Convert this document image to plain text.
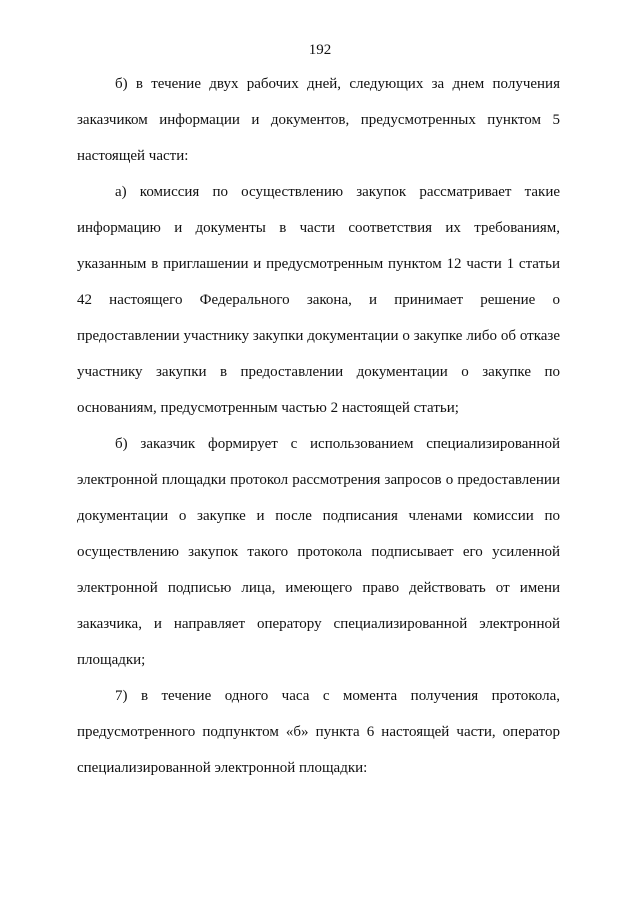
192
б) в течение двух рабочих дней, следующих за днем получения
заказчиком информации и документов, предусмотренных пунктом 5
настоящей части:
а) комиссия по осуществлению закупок рассматривает такие
информацию и документы в части соответствия их требованиям,
указанным в приглашении и предусмотренным пунктом 12 части 1 статьи
42 настоящего Федерального закона, и принимает решение о
предоставлении участнику закупки документации о закупке либо об отказе
участнику закупки в предоставлении документации о закупке по
основаниям, предусмотренным частью 2 настоящей статьи;
б) заказчик формирует с использованием специализированной
электронной площадки протокол рассмотрения запросов о предоставлении
документации о закупке и после подписания членами комиссии по
осуществлению закупок такого протокола подписывает его усиленной
электронной подписью лица, имеющего право действовать от имени
заказчика, и направляет оператору специализированной электронной
площадки;
7) в течение одного часа с момента получения протокола,
предусмотренного подпунктом «б» пункта 6 настоящей части, оператор
специализированной электронной площадки:
